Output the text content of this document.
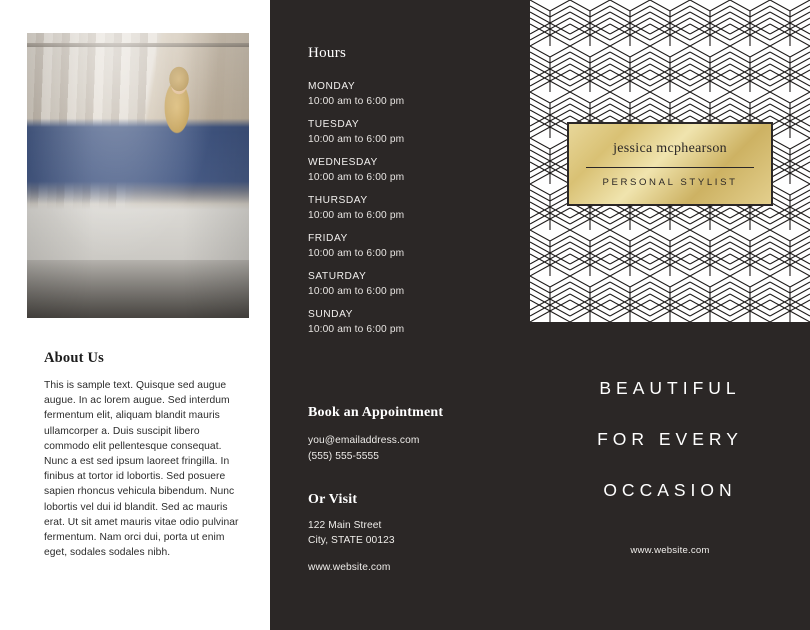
About Us

This is sample text. Quisque sed augue augue. In ac lorem augue. Sed interdum fermentum elit, aliquam blandit mauris ullamcorper a. Duis suscipit libero commodo elit pellentesque consequat. Nunc a est sed ipsum laoreet fringilla. In finibus at tortor id lobortis. Sed posuere sapien rhoncus vehicula bibendum. Nunc lobortis vel dui id blandit. Sed ac mauris erat. Ut sit amet mauris vitae odio pulvinar fermentum. Nam orci dui, porta ut enim eget, sodales sodales nibh.

Hours
MONDAY
10:00 am to 6:00 pm
TUESDAY
10:00 am to 6:00 pm
WEDNESDAY
10:00 am to 6:00 pm
THURSDAY
10:00 am to 6:00 pm
FRIDAY
10:00 am to 6:00 pm
SATURDAY
10:00 am to 6:00 pm
SUNDAY
10:00 am to 6:00 pm
Book an Appointment
you@emailaddress.com
(555) 555-5555
Or Visit
122 Main Street
City, STATE 00123
www.website.com
jessica mcphearson
PERSONAL STYLIST
BEAUTIFUL
FOR EVERY
OCCASION
www.website.com
